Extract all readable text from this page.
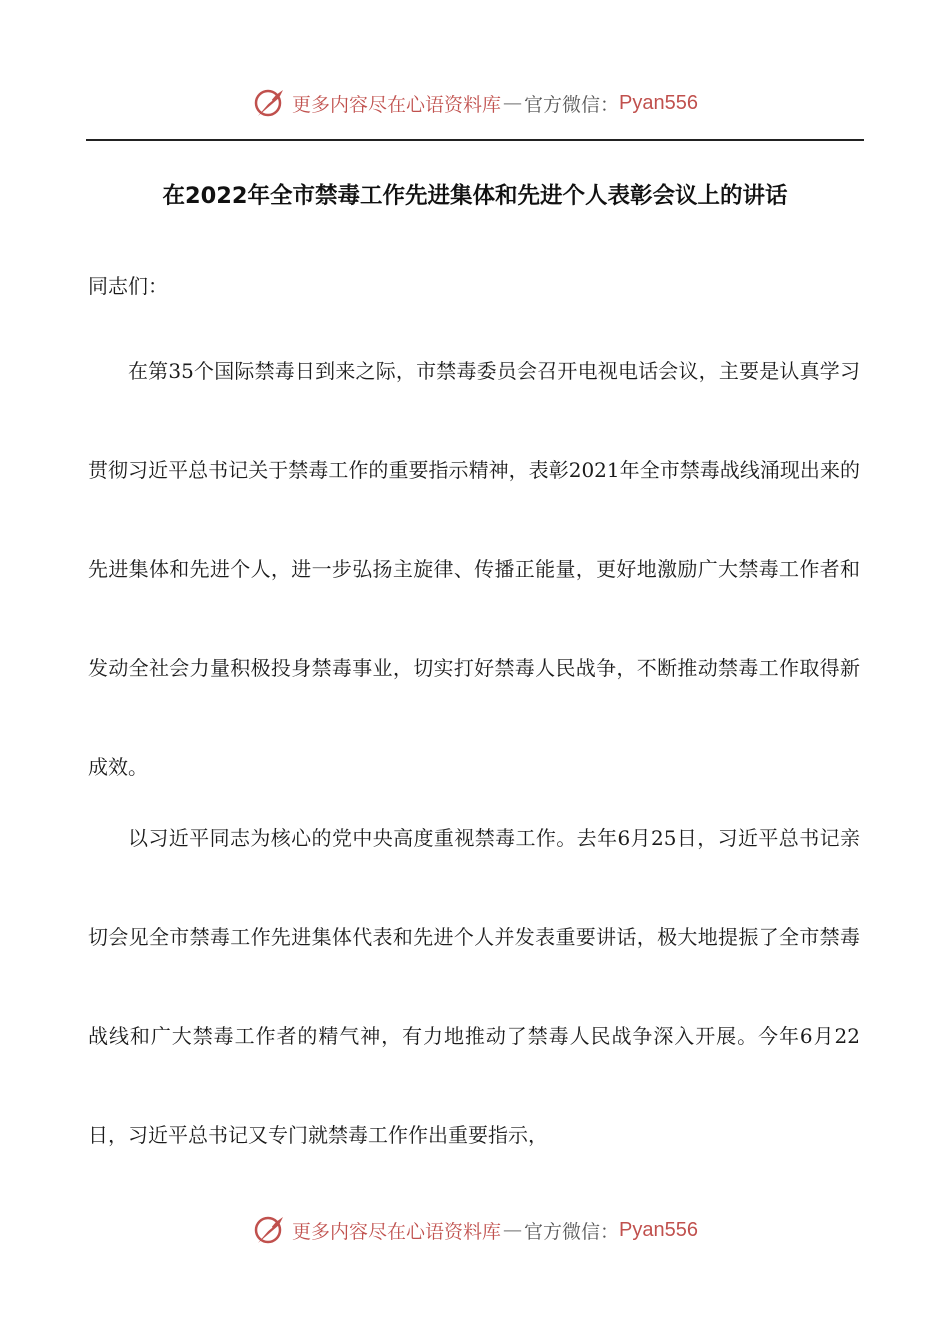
更多内容尽在心语资料库 — 官方微信： Pyan556
在2022年全市禁毒工作先进集体和先进个人表彰会议上的讲话

同志们：

在第35个国际禁毒日到来之际，市禁毒委员会召开电视电话会议，主要是认真学习贯彻习近平总书记关于禁毒工作的重要指示精神，表彰2021年全市禁毒战线涌现出来的先进集体和先进个人，进一步弘扬主旋律、传播正能量，更好地激励广大禁毒工作者和发动全社会力量积极投身禁毒事业，切实打好禁毒人民战争，不断推动禁毒工作取得新成效。

以习近平同志为核心的党中央高度重视禁毒工作。去年6月25日，习近平总书记亲切会见全市禁毒工作先进集体代表和先进个人并发表重要讲话，极大地提振了全市禁毒战线和广大禁毒工作者的精气神，有力地推动了禁毒人民战争深入开展。今年6月22日，习近平总书记又专门就禁毒工作作出重要指示，

更多内容尽在心语资料库 — 官方微信： Pyan556
